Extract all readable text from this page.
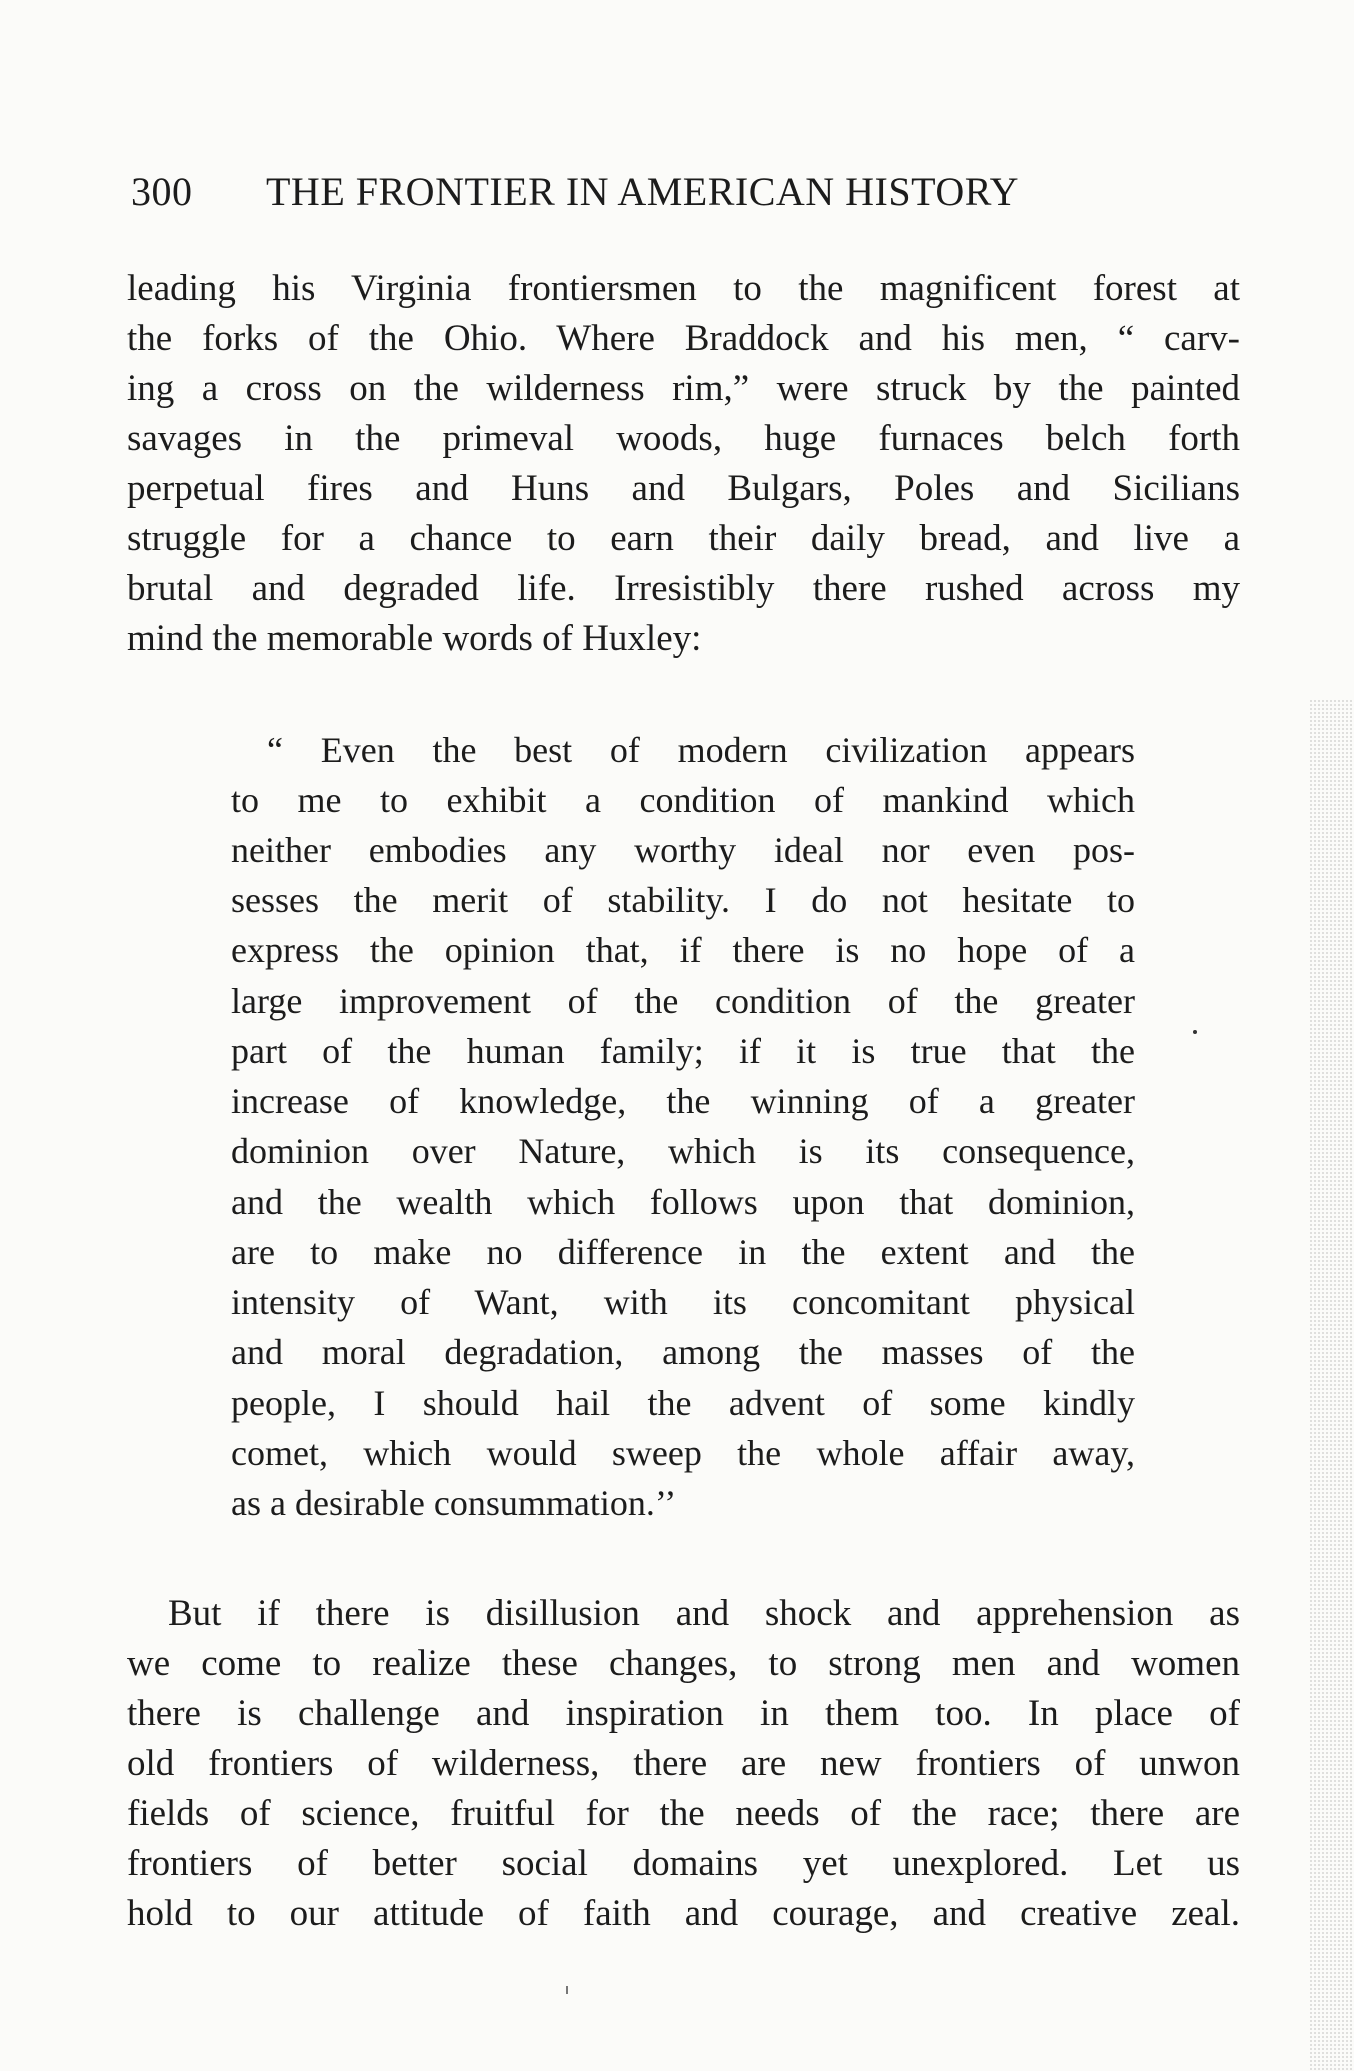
300 THE FRONTIER IN AMERICAN HISTORY
leading his Virginia frontiersmen to the magnificent forest at
the forks of the Ohio. Where Braddock and his men, “ carv-
ing a cross on the wilderness rim,” were struck by the painted
savages in the primeval woods, huge furnaces belch forth
perpetual fires and Huns and Bulgars, Poles and Sicilians
struggle for a chance to earn their daily bread, and live a
brutal and degraded life. Irresistibly there rushed across my
mind the memorable words of Huxley:
“ Even the best of modern civilization appears
to me to exhibit a condition of mankind which
neither embodies any worthy ideal nor even pos-
sesses the merit of stability. I do not hesitate to
express the opinion that, if there is no hope of a
large improvement of the condition of the greater
part of the human family; if it is true that the
increase of knowledge, the winning of a greater
dominion over Nature, which is its consequence,
and the wealth which follows upon that dominion,
are to make no difference in the extent and the
intensity of Want, with its concomitant physical
and moral degradation, among the masses of the
people, I should hail the advent of some kindly
comet, which would sweep the whole affair away,
as a desirable consummation.’’
But if there is disillusion and shock and apprehension as
we come to realize these changes, to strong men and women
there is challenge and inspiration in them too. In place of
old frontiers of wilderness, there are new frontiers of unwon
fields of science, fruitful for the needs of the race; there are
frontiers of better social domains yet unexplored. Let us
hold to our attitude of faith and courage, and creative zeal.
